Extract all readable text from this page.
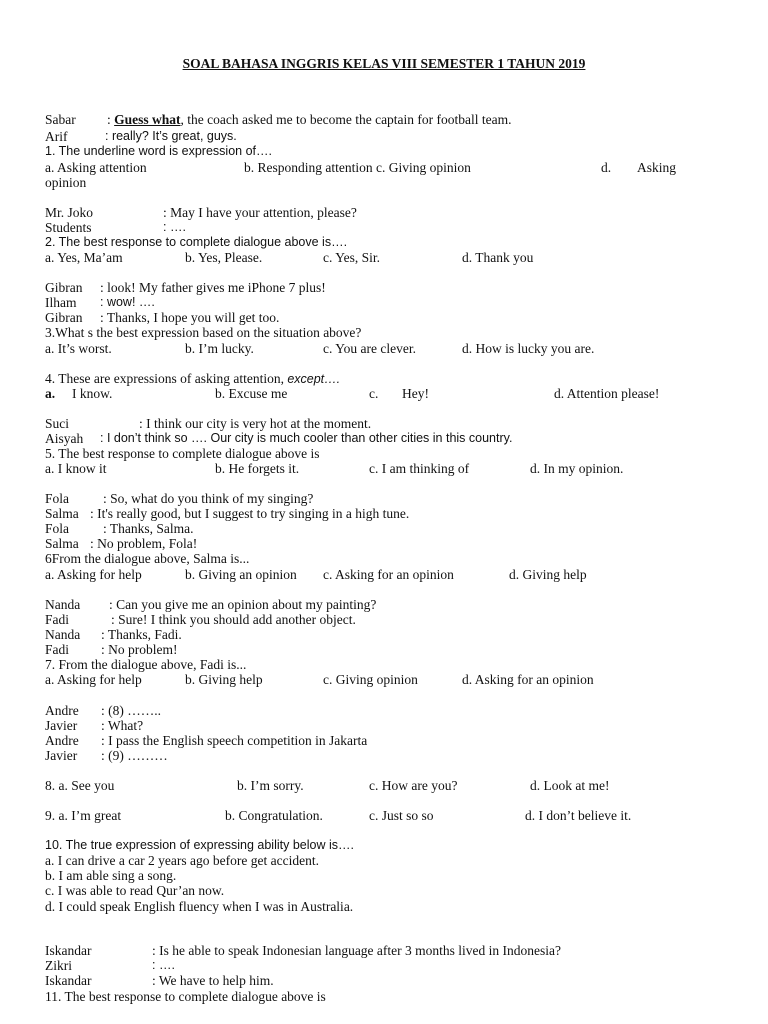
SOAL BAHASA INGGRIS KELAS VIII SEMESTER 1 TAHUN 2019
Sabar : Guess what, the coach asked me to become the captain for football team.
Arif	: really? It’s great, guys.
1. The underline word is expression of….
a. Asking attention	b. Responding attention c. Giving opinion	d. Asking
opinion
Mr. Joko	: May I have your attention, please?
Students	: ….
2. The best response to complete dialogue above is….
a. Yes, Ma’am	b. Yes, Please.	c. Yes, Sir.	d. Thank you
Gibran : look! My father gives me iPhone 7 plus!
Ilham : wow! ….
Gibran : Thanks, I hope you will get too.
3.What s the best expression based on the situation above?
a. It’s worst.	b. I’m lucky.	c. You are clever.	d. How is lucky you are.
4. These are expressions of asking attention, except….
a. I know.	b. Excuse me	c. Hey!	d. Attention please!
Suci	: I think our city is very hot at the moment.
Aisyah : I don’t think so …. Our city is much cooler than other cities in this country.
5. The best response to complete dialogue above is
a. I know it	b. He forgets it.	c. I am thinking of	d. In my opinion.
Fola	: So, what do you think of my singing?
Salma : It's really good, but I suggest to try singing in a high tune.
Fola	: Thanks, Salma.
Salma : No problem, Fola!
6From the dialogue above, Salma is...
a. Asking for help	b. Giving an opinion c. Asking for an opinion	d. Giving help
Nanda : Can you give me an opinion about my painting?
Fadi	: Sure! I think you should add another object.
Nanda : Thanks, Fadi.
Fadi : No problem!
7. From the dialogue above, Fadi is...
a. Asking for help	b. Giving help	c. Giving opinion	d. Asking for an opinion
Andre : (8) ……..
Javier : What?
Andre : I pass the English speech competition in Jakarta
Javier : (9) ………
8. a. See you	b. I’m sorry.	c. How are you?	d. Look at me!
9. a. I’m great	b. Congratulation.	c. Just so so	d. I don’t believe it.
10. The true expression of expressing ability below is….
a. I can drive a car 2 years ago before get accident.
b. I am able sing a song.
c. I was able to read Qur’an now.
d. I could speak English fluency when I was in Australia.
Iskandar	: Is he able to speak Indonesian language after 3 months lived in Indonesia?
Zikri	: ….
Iskandar	: We have to help him.
11. The best response to complete dialogue above is
